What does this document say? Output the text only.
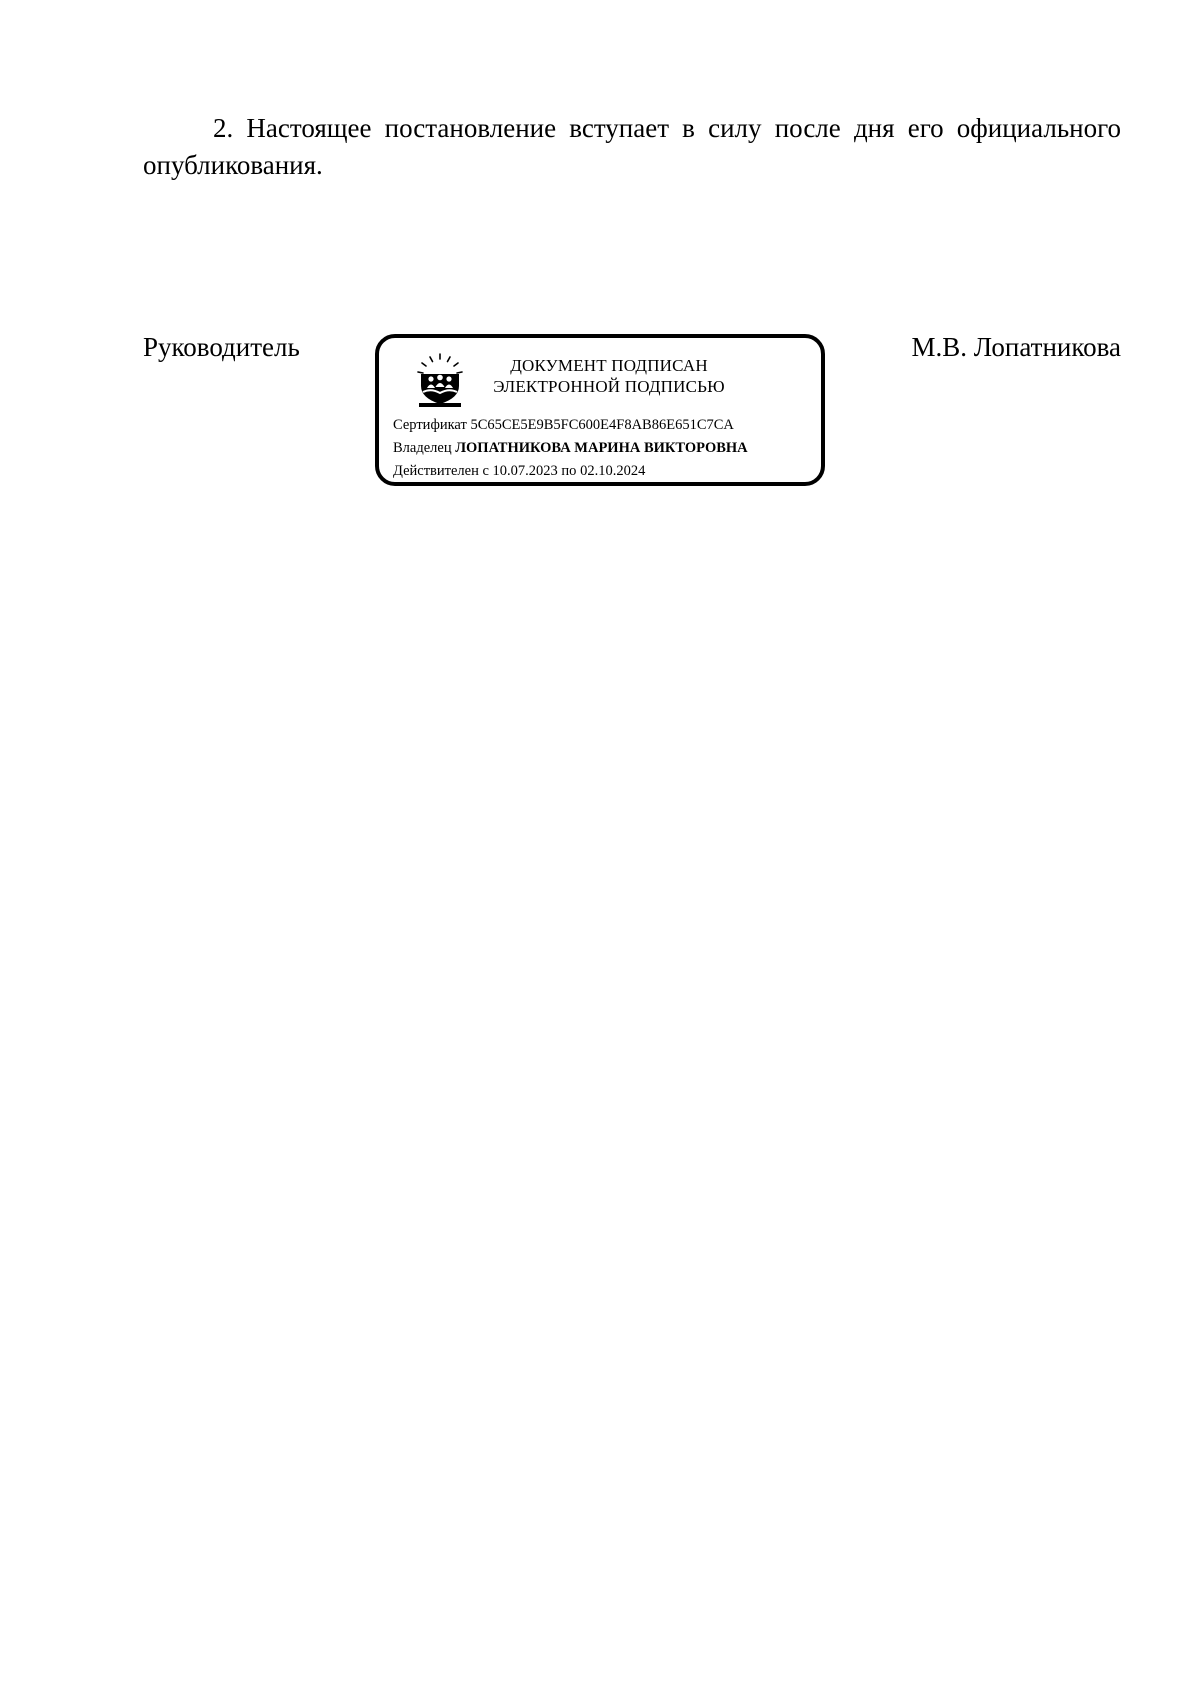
2. Настоящее постановление вступает в силу после дня его официального опубликования.

Руководитель

ДОКУМЕНТ ПОДПИСАН
ЭЛЕКТРОННОЙ ПОДПИСЬЮ
Сертификат 5C65CE5E9B5FC600E4F8AB86E651C7CA
Владелец ЛОПАТНИКОВА МАРИНА ВИКТОРОВНА
Действителен с 10.07.2023 по 02.10.2024

М.В. Лопатникова
